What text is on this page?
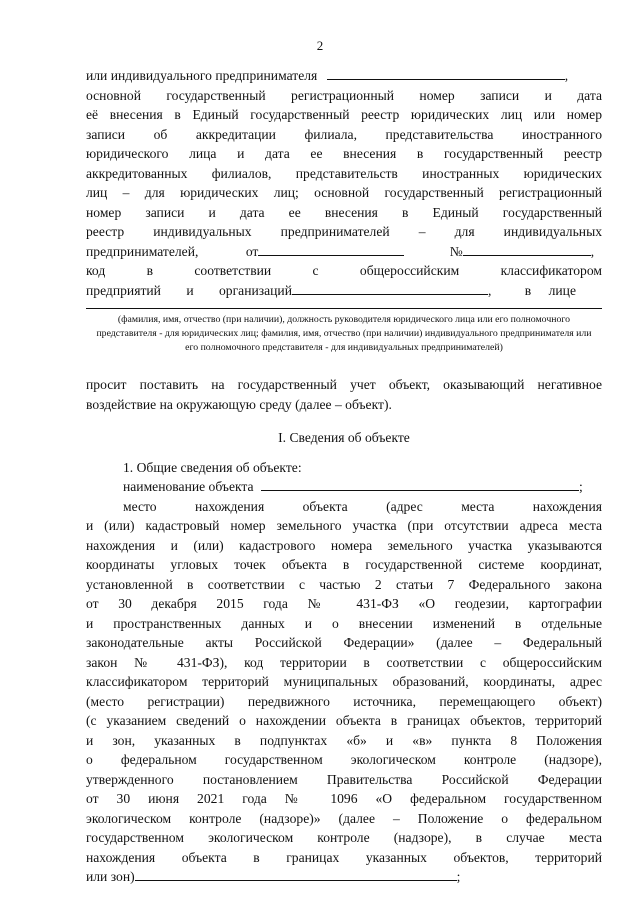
2
или индивидуального предпринимателя	,
основной государственный регистрационный номер записи и дата
её внесения в Единый государственный реестр юридических лиц или номер
записи об аккредитации филиала, представительства иностранного
юридического лица и дата ее внесения в государственный реестр
аккредитованных филиалов, представительств иностранных юридических
лиц – для юридических лиц; основной государственный регистрационный
номер записи и дата ее внесения в Единый государственный
реестр индивидуальных предпринимателей – для индивидуальных
предпринимателей,	от	№	,
код в соответствии с общероссийским классификатором
предприятий и организаций	, в лице
(фамилия, имя, отчество (при наличии), должность руководителя юридического лица или его полномочного представителя - для юридических лиц; фамилия, имя, отчество (при наличии) индивидуального предпринимателя или его полномочного представителя - для индивидуальных предпринимателей)
просит поставить на государственный учет объект, оказывающий негативное
воздействие на окружающую среду (далее – объект).
I. Сведения об объекте
1. Общие сведения об объекте:
наименование объекта	;
место нахождения объекта (адрес места нахождения
и (или) кадастровый номер земельного участка (при отсутствии адреса места
нахождения и (или) кадастрового номера земельного участка указываются
координаты угловых точек объекта в государственной системе координат,
установленной в соответствии с частью 2 статьи 7 Федерального закона
от 30 декабря 2015 года № 431-ФЗ «О геодезии, картографии
и пространственных данных и о внесении изменений в отдельные
законодательные акты Российской Федерации» (далее – Федеральный
закон № 431-ФЗ), код территории в соответствии с общероссийским
классификатором территорий муниципальных образований, координаты, адрес
(место регистрации) передвижного источника, перемещающего объект)
(с указанием сведений о нахождении объекта в границах объектов, территорий
и зон, указанных в подпунктах «б» и «в» пункта 8 Положения
о федеральном государственном экологическом контроле (надзоре),
утвержденного постановлением Правительства Российской Федерации
от 30 июня 2021 года № 1096 «О федеральном государственном
экологическом контроле (надзоре)» (далее – Положение о федеральном
государственном экологическом контроле (надзоре), в случае места
нахождения объекта в границах указанных объектов, территорий
или зон)	;
